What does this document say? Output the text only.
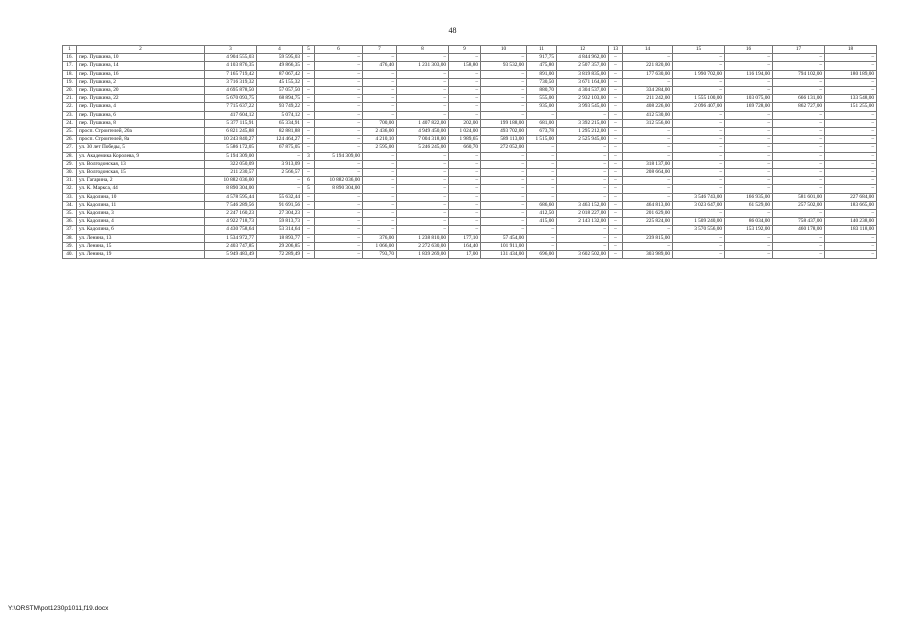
48
1	2	3	4	5	6	7	8	9	10	11	12	13	14	15	16	17	18
16.	пер. Пушкина, 10	4 904 555,03	59 595,03	–	–	–	–	–	–	917,75	4 844 962,00	–	–	–	–	–	–
17.	пер. Пушкина, 14	4 103 876,35	49 866,35	–	–	476,40	1 231 303,00	158,80	93 532,00	475,80	2 507 357,00	–	221 820,00	–	–	–	–
18.	пер. Пушкина, 16	7 165 719,42	87 067,42	–	–	–	–	–	–	891,00	3 819 835,00	–	177 630,00	1 990 702,00	116 194,00	794 102,00	180 189,00
19.	пер. Пушкина, 2	3 716 319,32	45 155,32	–	–	–	–	–	–	730,50	3 671 164,00	–	–	–	–	–	–
20.	пер. Пушкина, 20	4 695 878,50	57 057,50	–	–	–	–	–	–	880,70	4 304 537,00	–	334 284,00	–	–	–	–
21.	пер. Пушкина, 22	5 670 093,75	68 894,75	–	–	–	–	–	–	555,00	2 932 103,00	–	211 242,00	1 555 100,00	103 075,00	666 131,00	133 548,00
22.	пер. Пушкина, 4	7 715 637,22	93 749,22	–	–	–	–	–	–	935,00	3 993 545,00	–	408 226,00	2 096 407,00	169 728,00	862 727,00	151 255,00
23.	пер. Пушкина, 6	417 604,12	5 074,12	–	–	–	–	–	–	–	–	–	412 530,00	–	–	–	–
24.	пер. Пушкина, 8	5 377 115,91	65 334,91	–	–	700,00	1 407 822,00	202,00	199 188,00	681,00	3 392 215,00	–	312 556,00	–	–	–	–
25.	просп. Строителей, 20а	6 821 245,88	82 881,88	–	–	2 436,00	4 949 450,00	1 024,00	493 702,00	673,78	1 295 212,00	–	–	–	–	–	–
26.	просп. Строителей, 8а	10 243 840,27	124 464,27	–	–	4 210,10	7 004 318,00	1 989,65	589 113,00	1 515,00	2 525 945,00	–	–	–	–	–	–
27.	ул. 30 лет Победы, 5	5 586 172,05	67 875,05	–	–	2 595,00	5 246 245,00	660,70	272 052,00	–	–	–	–	–	–	–	–
28.	ул. Академика Королева, 9	5 194 309,00	–	3	5 194 309,00	–	–	–	–	–	–	–	–	–	–	–	–
29.	ул. Волгодонская, 13	322 050,09	3 913,09	–	–	–	–	–	–	–	–	–	318 137,00	–	–	–	–
30.	ул. Волгодонская, 15	211 230,57	2 566,57	–	–	–	–	–	–	–	–	–	208 664,00	–	–	–	–
31.	ул. Гагарина, 2	10 882 036,00	–	6	10 882 036,00	–	–	–	–	–	–	–	–	–	–	–	–
32.	ул. К. Маркса, 44	8 890 304,00	–	5	8 890 304,00	–	–	–	–	–	–	–	–	–	–	–	–
33.	ул. Кадолина, 10	4 578 595,44	55 632,44	–	–	–	–	–	–	–	–	–	–	3 546 743,00	166 935,00	581 601,00	227 684,00
34.	ул. Кадолина, 11	7 546 289,56	91 691,56	–	–	–	–	–	–	686,60	3 463 152,00	–	464 813,00	3 023 647,00	61 529,00	257 502,00	183 665,00
35.	ул. Кадолина, 3	2 247 160,23	27 304,23	–	–	–	–	–	–	412,50	2 018 227,00	–	201 629,00	–	–	–	–
36.	ул. Кадолина, 4	4 922 718,73	59 813,73	–	–	–	–	–	–	415,00	2 143 132,00	–	225 824,00	1 509 240,00	86 034,00	758 437,00	140 238,00
37.	ул. Кадолина, 6	4 430 758,64	53 314,64	–	–	–	–	–	–	–	–	–	–	3 570 556,00	153 192,00	460 178,00	183 118,00
38.	ул. Ленина, 13	1 534 972,77	18 893,77	–	–	376,00	1 238 810,00	177,10	57 454,00	–	–	–	239 815,00	–	–	–	–
39.	ул. Ленина, 15	2 403 747,85	29 206,85	–	–	1 066,00	2 272 630,00	164,40	101 911,00	–	–	–	–	–	–	–	–
40.	ул. Ленина, 19	5 949 483,49	72 289,49	–	–	793,70	1 839 269,00	17,00	131 434,00	696,00	3 602 502,00	–	303 989,00	–	–	–	–
Y:\ORSTM\pot1230p1011,f19.docx
